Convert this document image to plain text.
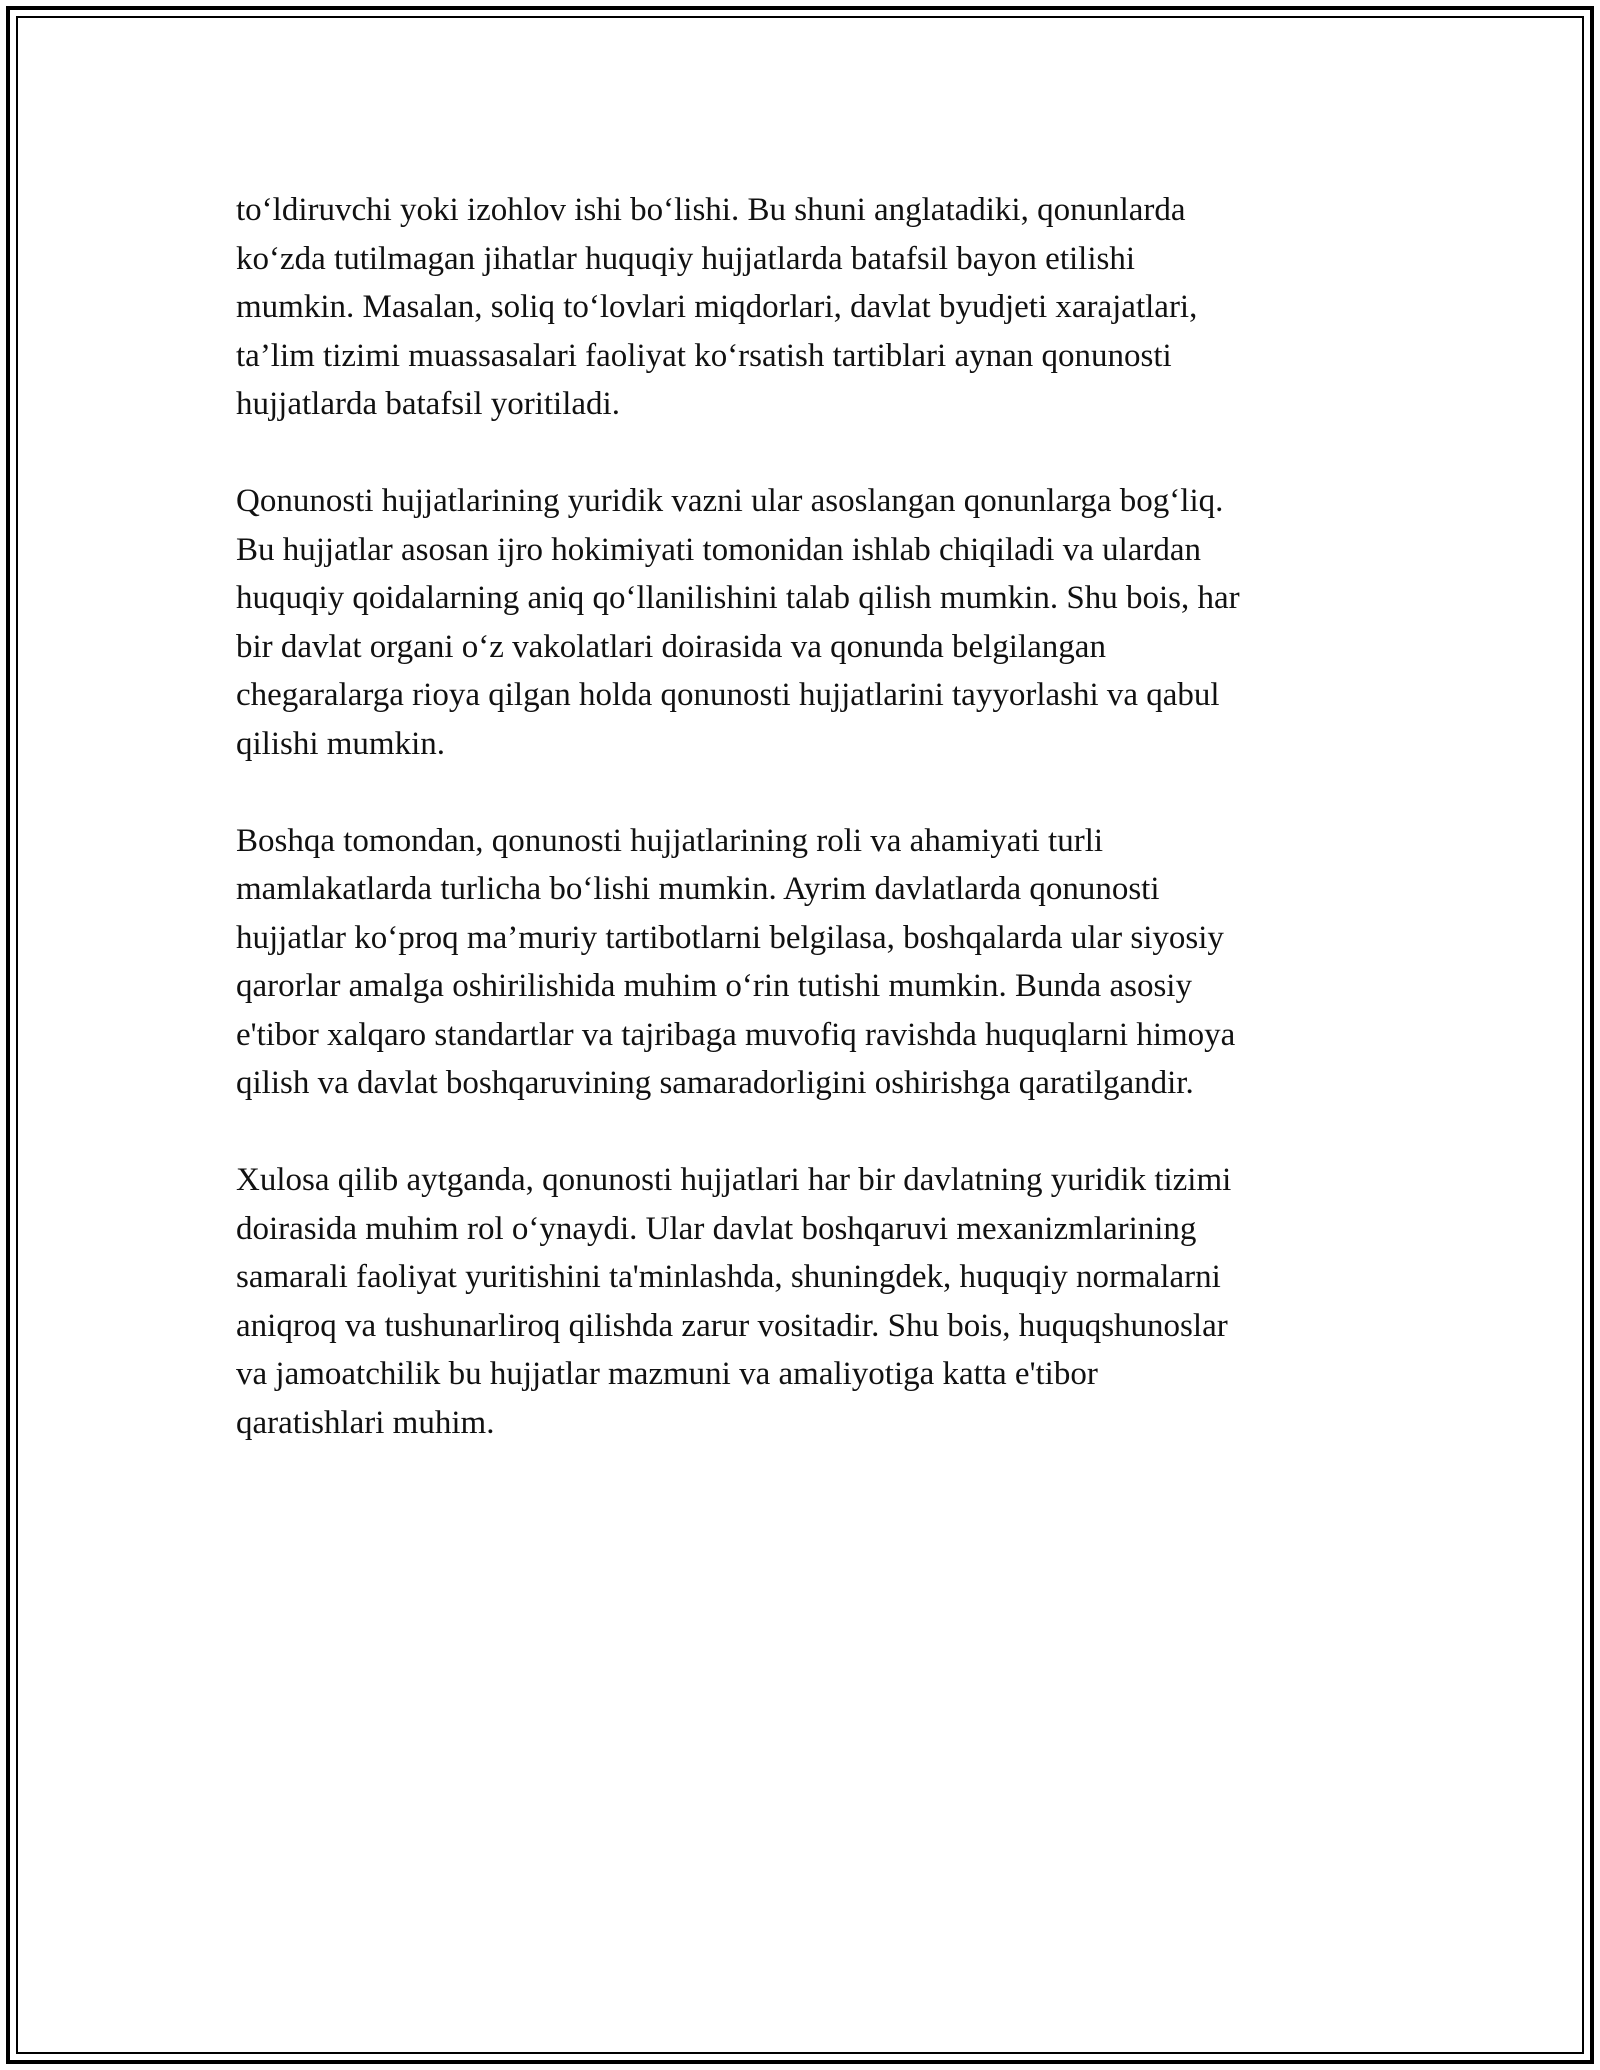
to‘ldiruvchi yoki izohlov ishi bo‘lishi. Bu shuni anglatadiki, qonunlarda
ko‘zda tutilmagan jihatlar huquqiy hujjatlarda batafsil bayon etilishi
mumkin. Masalan, soliq to‘lovlari miqdorlari, davlat byudjeti xarajatlari,
ta’lim tizimi muassasalari faoliyat ko‘rsatish tartiblari aynan qonunosti
hujjatlarda batafsil yoritiladi.

Qonunosti hujjatlarining yuridik vazni ular asoslangan qonunlarga bog‘liq.
Bu hujjatlar asosan ijro hokimiyati tomonidan ishlab chiqiladi va ulardan
huquqiy qoidalarning aniq qo‘llanilishini talab qilish mumkin. Shu bois, har
bir davlat organi o‘z vakolatlari doirasida va qonunda belgilangan
chegaralarga rioya qilgan holda qonunosti hujjatlarini tayyorlashi va qabul
qilishi mumkin.

Boshqa tomondan, qonunosti hujjatlarining roli va ahamiyati turli
mamlakatlarda turlicha bo‘lishi mumkin. Ayrim davlatlarda qonunosti
hujjatlar ko‘proq ma’muriy tartibotlarni belgilasa, boshqalarda ular siyosiy
qarorlar amalga oshirilishida muhim o‘rin tutishi mumkin. Bunda asosiy
e'tibor xalqaro standartlar va tajribaga muvofiq ravishda huquqlarni himoya
qilish va davlat boshqaruvining samaradorligini oshirishga qaratilgandir.

Xulosa qilib aytganda, qonunosti hujjatlari har bir davlatning yuridik tizimi
doirasida muhim rol o‘ynaydi. Ular davlat boshqaruvi mexanizmlarining
samarali faoliyat yuritishini ta'minlashda, shuningdek, huquqiy normalarni
aniqroq va tushunarliroq qilishda zarur vositadir. Shu bois, huquqshunoslar
va jamoatchilik bu hujjatlar mazmuni va amaliyotiga katta e'tibor
qaratishlari muhim.
